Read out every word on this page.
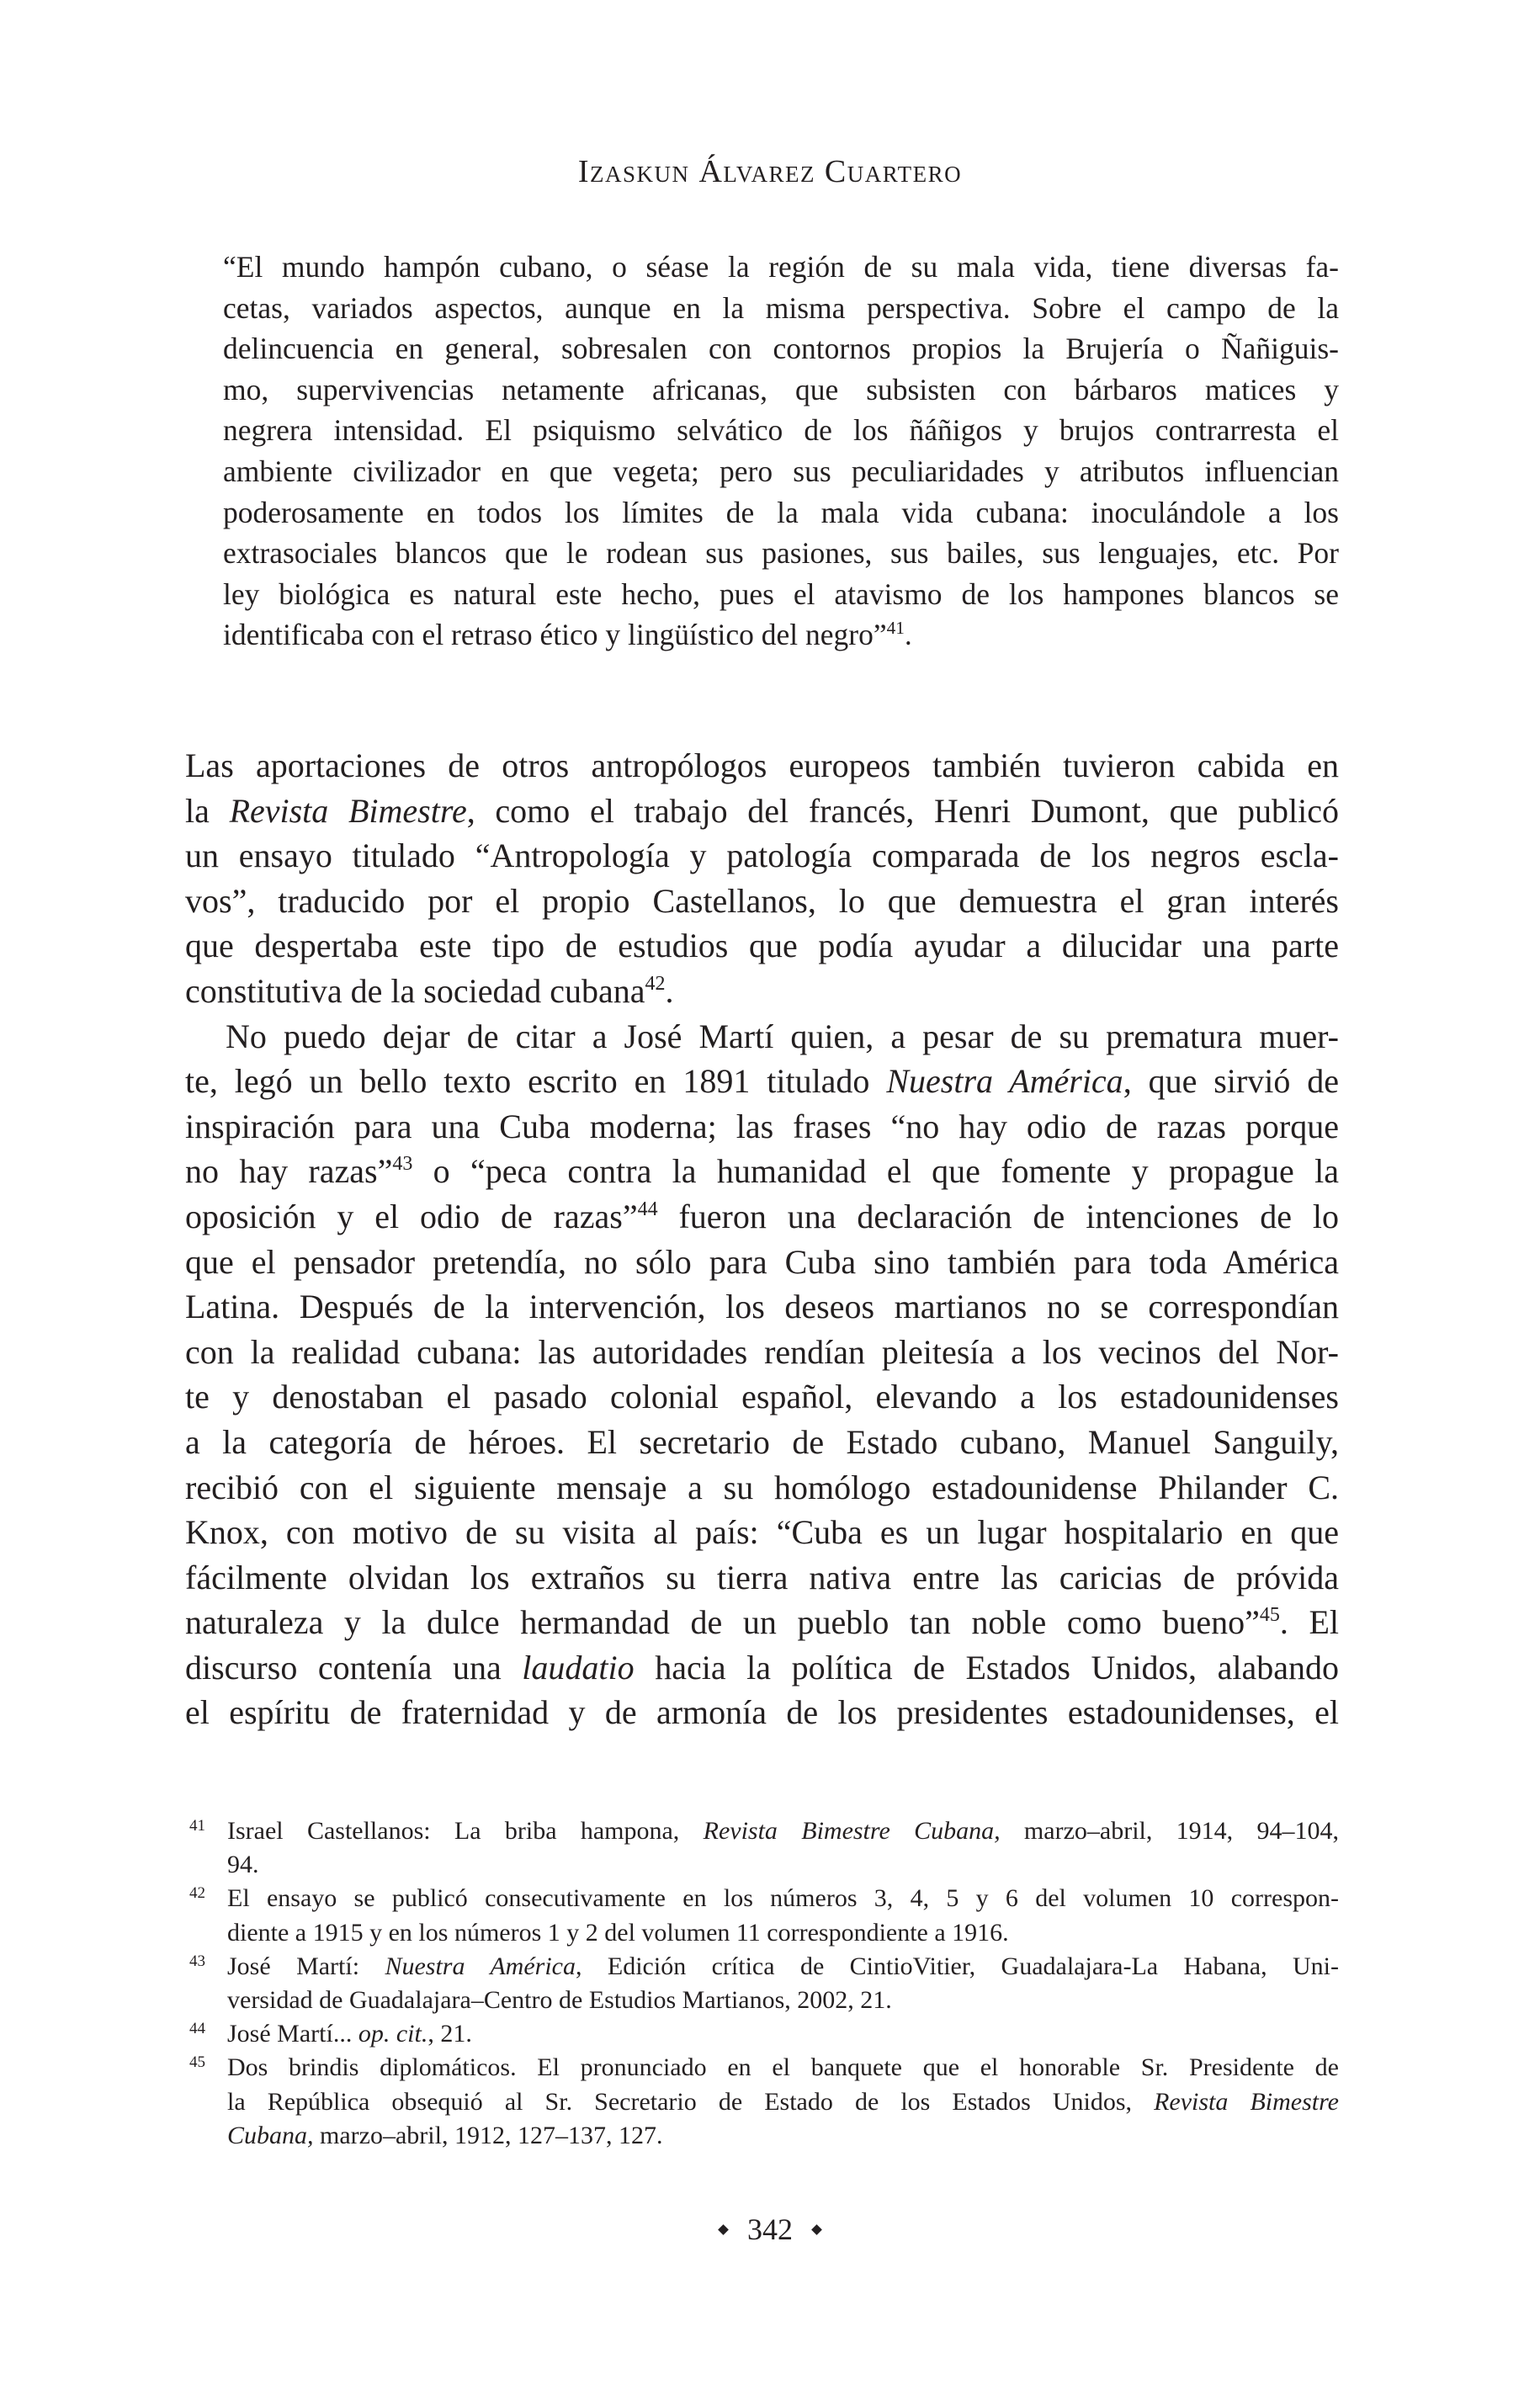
Izaskun Álvarez Cuartero
“El mundo hampón cubano, o séase la región de su mala vida, tiene diversas fa-
cetas, variados aspectos, aunque en la misma perspectiva. Sobre el campo de la
delincuencia en general, sobresalen con contornos propios la Brujería o Ñañiguis-
mo, supervivencias netamente africanas, que subsisten con bárbaros matices y
negrera intensidad. El psiquismo selvático de los ñáñigos y brujos contrarresta el
ambiente civilizador en que vegeta; pero sus peculiaridades y atributos influencian
poderosamente en todos los límites de la mala vida cubana: inoculándole a los
extrasociales blancos que le rodean sus pasiones, sus bailes, sus lenguajes, etc. Por
ley biológica es natural este hecho, pues el atavismo de los hampones blancos se
identificaba con el retraso ético y lingüístico del negro”$^{41}$.
Las aportaciones de otros antropólogos europeos también tuvieron cabida en
la Revista Bimestre, como el trabajo del francés, Henri Dumont, que publicó
un ensayo titulado “Antropología y patología comparada de los negros escla-
vos”, traducido por el propio Castellanos, lo que demuestra el gran interés
que despertaba este tipo de estudios que podía ayudar a dilucidar una parte
constitutiva de la sociedad cubana$^{42}$.
No puedo dejar de citar a José Martí quien, a pesar de su prematura muer-
te, legó un bello texto escrito en 1891 titulado Nuestra América, que sirvió de
inspiración para una Cuba moderna; las frases “no hay odio de razas porque
no hay razas”$^{43}$ o “peca contra la humanidad el que fomente y propague la
oposición y el odio de razas”$^{44}$ fueron una declaración de intenciones de lo
que el pensador pretendía, no sólo para Cuba sino también para toda América
Latina. Después de la intervención, los deseos martianos no se correspondían
con la realidad cubana: las autoridades rendían pleitesía a los vecinos del Nor-
te y denostaban el pasado colonial español, elevando a los estadounidenses
a la categoría de héroes. El secretario de Estado cubano, Manuel Sanguily,
recibió con el siguiente mensaje a su homólogo estadounidense Philander C.
Knox, con motivo de su visita al país: “Cuba es un lugar hospitalario en que
fácilmente olvidan los extraños su tierra nativa entre las caricias de próvida
naturaleza y la dulce hermandad de un pueblo tan noble como bueno”$^{45}$. El
discurso contenía una laudatio hacia la política de Estados Unidos, alabando
el espíritu de fraternidad y de armonía de los presidentes estadounidenses, el
41 Israel Castellanos: La briba hampona, Revista Bimestre Cubana, marzo–abril, 1914, 94–104,
94.
42 El ensayo se publicó consecutivamente en los números 3, 4, 5 y 6 del volumen 10 correspon-
diente a 1915 y en los números 1 y 2 del volumen 11 correspondiente a 1916.
43 José Martí: Nuestra América, Edición crítica de CintioVitier, Guadalajara-La Habana, Uni-
versidad de Guadalajara–Centro de Estudios Martianos, 2002, 21.
44 José Martí... op. cit., 21.
45 Dos brindis diplomáticos. El pronunciado en el banquete que el honorable Sr. Presidente de
la República obsequió al Sr. Secretario de Estado de los Estados Unidos, Revista Bimestre
Cubana, marzo–abril, 1912, 127–137, 127.
342
